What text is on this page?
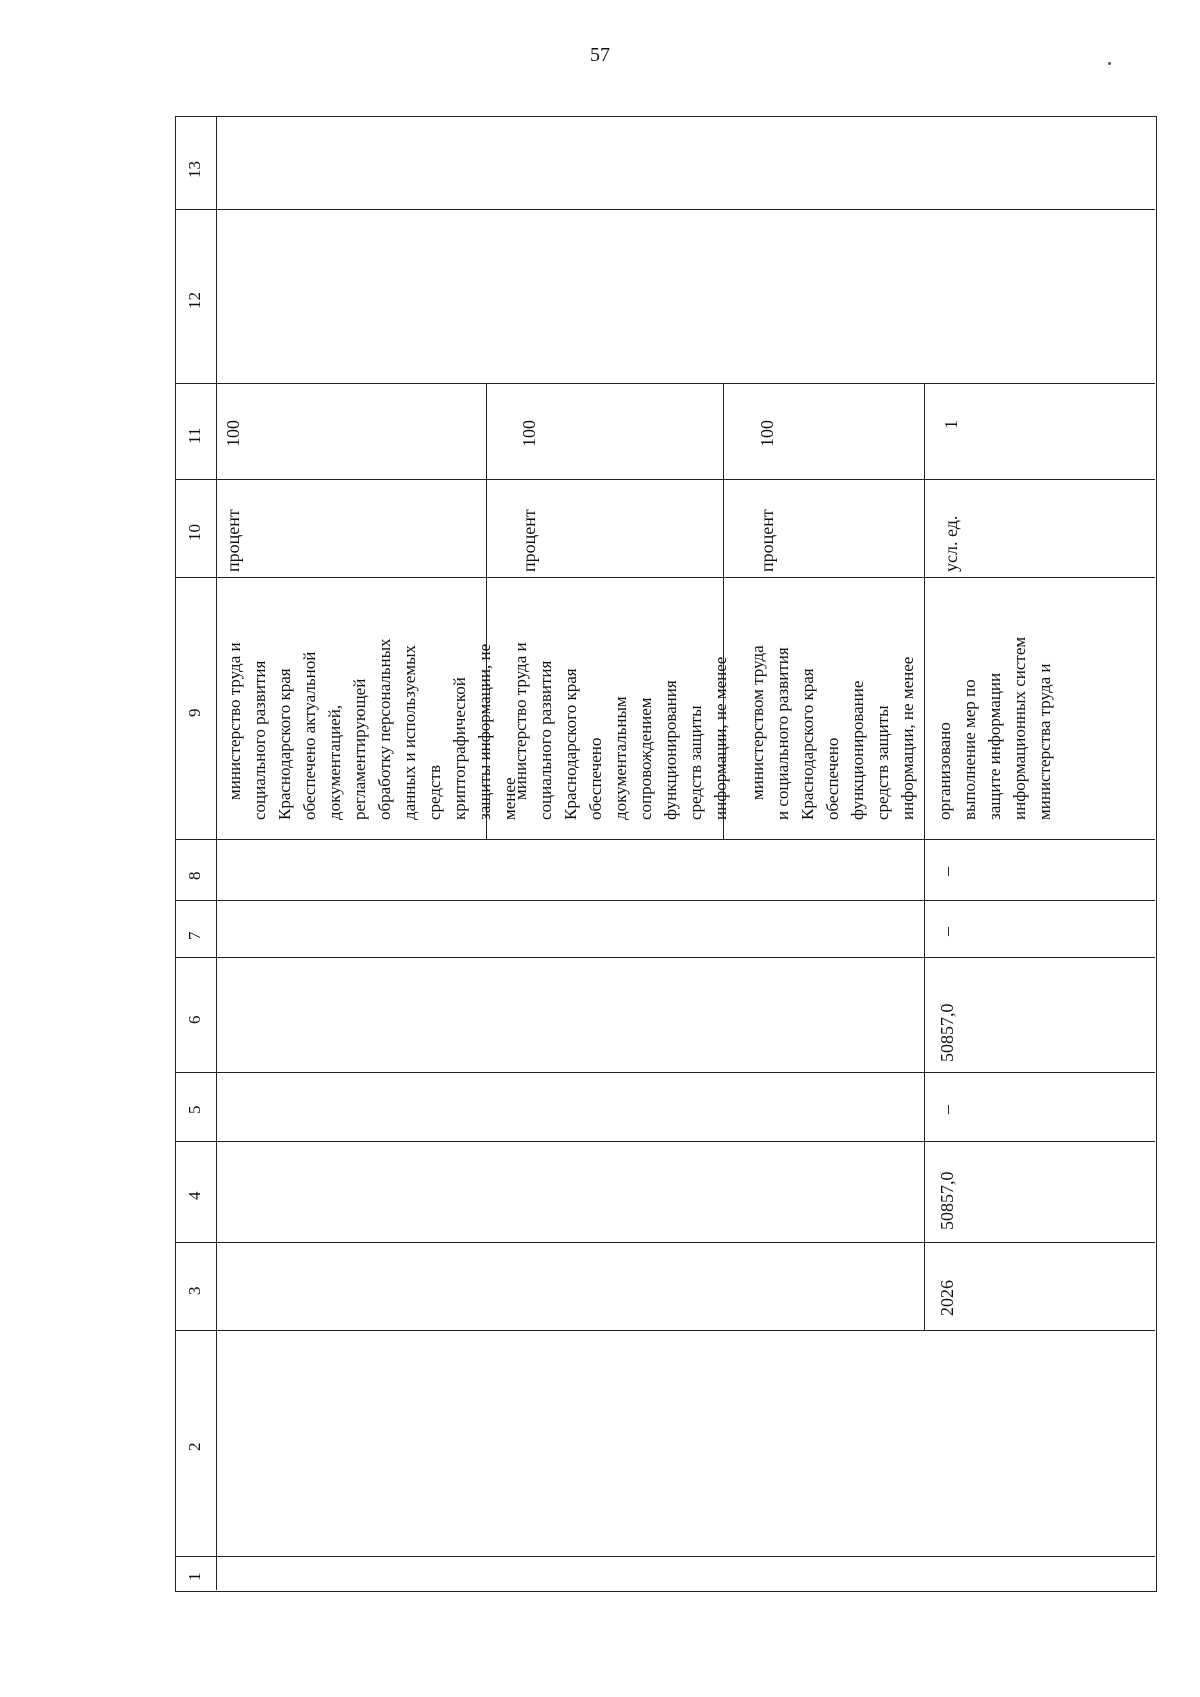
57
13
12
11
10
9
8
7
6
5
4
3
2
1
министерство труда и социального развития Краснодарского края обеспечено актуальной документацией, регламентирующей обработку персональных данных и используемых средств криптографической защиты информации, не менее
процент
100
министерство труда и социального развития Краснодарского края обеспечено документальным сопровождением функционирования средств защиты информации, не менее
процент
100
министерством труда и социального развития Краснодарского края обеспечено функционирование средств защиты информации, не менее
процент
100
2026
50857,0
–
50857,0
–
–
организовано выполнение мер по защите информации информационных систем министерства труда и
усл. ед.
1
